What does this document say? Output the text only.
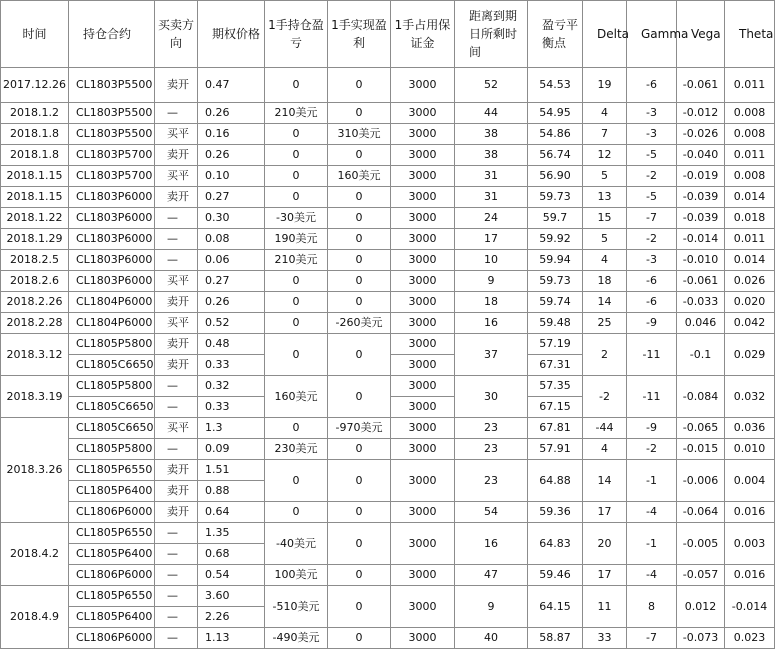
时间	持仓合约	买卖方向	期权价格	1手持仓盈亏	1手实现盈利	1手占用保证金	距离到期日所剩时间	盈亏平衡点	Delta	Gamma	Vega	Theta
2017.12.26	CL1803P5500	卖开	0.47	0	0	3000	52	54.53	19	-6	-0.061	0.011
2018.1.2	CL1803P5500	—	0.26	210美元	0	3000	44	54.95	4	-3	-0.012	0.008
2018.1.8	CL1803P5500	买平	0.16	0	310美元	3000	38	54.86	7	-3	-0.026	0.008
2018.1.8	CL1803P5700	卖开	0.26	0	0	3000	38	56.74	12	-5	-0.040	0.011
2018.1.15	CL1803P5700	买平	0.10	0	160美元	3000	31	56.90	5	-2	-0.019	0.008
2018.1.15	CL1803P6000	卖开	0.27	0	0	3000	31	59.73	13	-5	-0.039	0.014
2018.1.22	CL1803P6000	—	0.30	-30美元	0	3000	24	59.7	15	-7	-0.039	0.018
2018.1.29	CL1803P6000	—	0.08	190美元	0	3000	17	59.92	5	-2	-0.014	0.011
2018.2.5	CL1803P6000	—	0.06	210美元	0	3000	10	59.94	4	-3	-0.010	0.014
2018.2.6	CL1803P6000	买平	0.27	0	0	3000	9	59.73	18	-6	-0.061	0.026
2018.2.26	CL1804P6000	卖开	0.26	0	0	3000	18	59.74	14	-6	-0.033	0.020
2018.2.28	CL1804P6000	买平	0.52	0	-260美元	3000	16	59.48	25	-9	0.046	0.042
2018.3.12	CL1805P5800	卖开	0.48	0	0	3000	37	57.19	2	-11	-0.1	0.029
	CL1805C6650	卖开	0.33			3000		67.31				
2018.3.19	CL1805P5800	—	0.32	160美元	0	3000	30	57.35	-2	-11	-0.084	0.032
	CL1805C6650	—	0.33			3000		67.15				
2018.3.26	CL1805C6650	买平	1.3	0	-970美元	3000	23	67.81	-44	-9	-0.065	0.036
	CL1805P5800	—	0.09	230美元	0	3000	23	57.91	4	-2	-0.015	0.010
	CL1805P6550	卖开	1.51	0	0	3000	23	64.88	14	-1	-0.006	0.004
	CL1805P6400	卖开	0.88									
	CL1806P6000	卖开	0.64	0	0	3000	54	59.36	17	-4	-0.064	0.016
2018.4.2	CL1805P6550	—	1.35	-40美元	0	3000	16	64.83	20	-1	-0.005	0.003
	CL1805P6400	—	0.68									
	CL1806P6000	—	0.54	100美元	0	3000	47	59.46	17	-4	-0.057	0.016
2018.4.9	CL1805P6550	—	3.60	-510美元	0	3000	9	64.15	11	8	0.012	-0.014
	CL1805P6400	—	2.26									
	CL1806P6000	—	1.13	-490美元	0	3000	40	58.87	33	-7	-0.073	0.023
